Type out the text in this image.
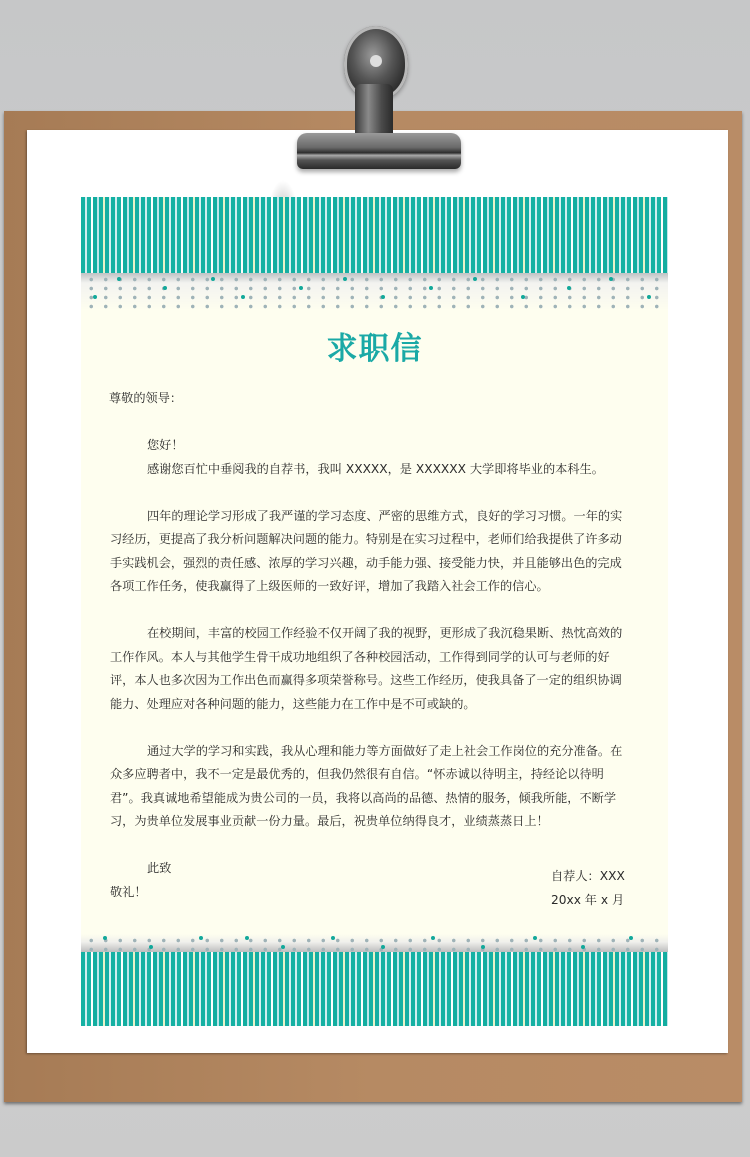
求职信

尊敬的领导：

您好！

感谢您百忙中垂阅我的自荐书，我叫 XXXXX，是 XXXXXX 大学即将毕业的本科生。

四年的理论学习形成了我严谨的学习态度、严密的思维方式，良好的学习习惯。一年的实习经历，更提高了我分析问题解决问题的能力。特别是在实习过程中，老师们给我提供了许多动手实践机会，强烈的责任感、浓厚的学习兴趣，动手能力强、接受能力快，并且能够出色的完成各项工作任务，使我赢得了上级医师的一致好评，增加了我踏入社会工作的信心。

在校期间，丰富的校园工作经验不仅开阔了我的视野，更形成了我沉稳果断、热忱高效的工作作风。本人与其他学生骨干成功地组织了各种校园活动，工作得到同学的认可与老师的好评，本人也多次因为工作出色而赢得多项荣誉称号。这些工作经历，使我具备了一定的组织协调能力、处理应对各种问题的能力，这些能力在工作中是不可或缺的。

通过大学的学习和实践，我从心理和能力等方面做好了走上社会工作岗位的充分准备。在众多应聘者中，我不一定是最优秀的，但我仍然很有自信。“怀赤诚以待明主，持经论以待明君”。我真诚地希望能成为贵公司的一员，我将以高尚的品德、热情的服务，倾我所能，不断学习，为贵单位发展事业贡献一份力量。最后，祝贵单位纳得良才，业绩蒸蒸日上！

此致

敬礼！

自荐人：XXX
20xx 年 x 月
